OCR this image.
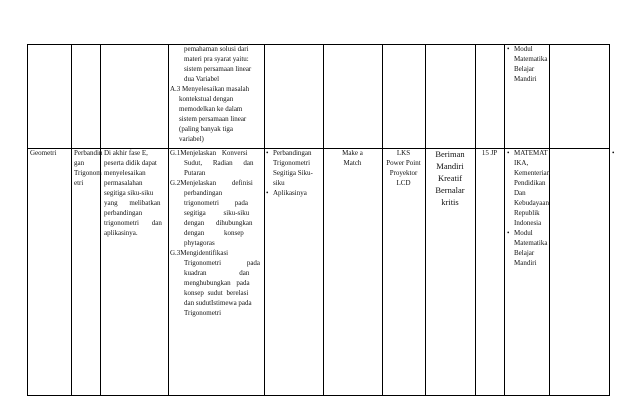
pemahaman solusi dari
materi pra syarat yaitu:
sistem persamaan linear
dua Variabel
A.3 Menyelesaikan masalah
kontekstual dengan
memodelkan ke dalam
sistem persamaan linear
(paling banyak tiga
variabel)
• Modul
Matematika
Belajar
Mandiri
Geometri	Perbandin
gan
Trigonom
etri
Di akhir fase E,
peserta didik dapat
menyelesaikan
permasalahan
segitiga siku-siku
yang melibatkan
perbandingan
trigonometri dan
aplikasinya.
G.1Menjelaskan Konversi
Sudut, Radian dan
Putaran
G.2Menjelaskan definisi
perbandingan
trigonometri pada
segitiga siku-siku
dengan dihubungkan
dengan konsep
phytagoras
G.3Mengidentifikasi
Trigonometri pada
kuadran dan
menghubungkan pada
konsep sudut berelasi
dan sudutIstimewa pada
Trigonometri
• Perbandingan
Trigonometri
Segitiga Siku-
siku
• Aplikasinya
Make a
Match
LKS
Power Point
Proyektor
LCD
Beriman
Mandiri
Kreatif
Bernalar
kritis
15 JP	• MATEMAT
IKA,
Kementerian
Pendidikan
Dan
Kebudayaan
Republik
Indonesia
• Modul
Matematika
Belajar
Mandiri
•
